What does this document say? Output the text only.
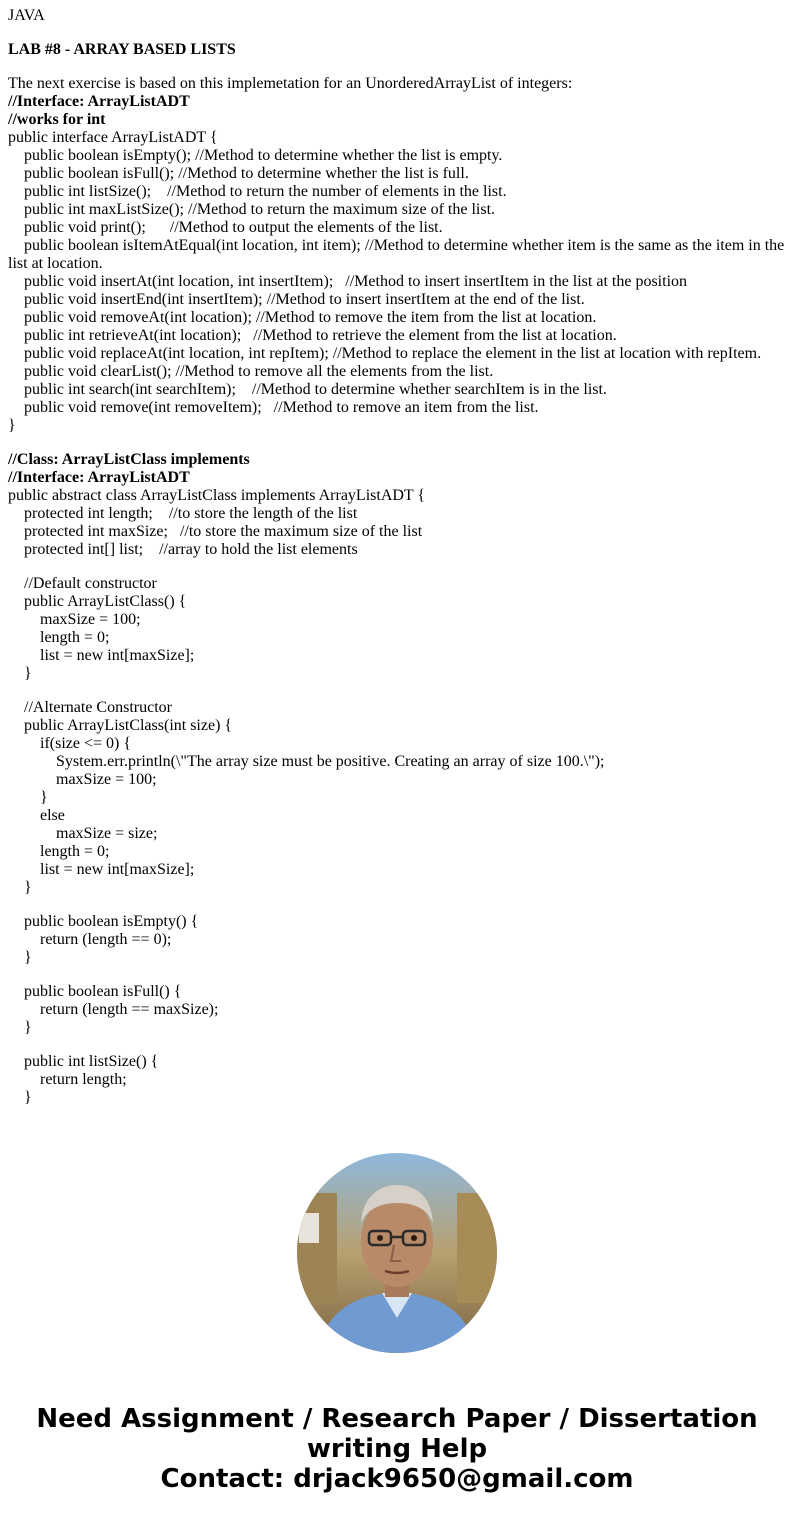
JAVA
LAB #8 - ARRAY BASED LISTS
The next exercise is based on this implemetation for an UnorderedArrayList of integers:
//Interface: ArrayListADT
//works for int
public interface ArrayListADT {
public boolean isEmpty(); //Method to determine whether the list is empty.
public boolean isFull(); //Method to determine whether the list is full.
public int listSize();    //Method to return the number of elements in the list.
public int maxListSize(); //Method to return the maximum size of the list.
public void print();      //Method to output the elements of the list.
public boolean isItemAtEqual(int location, int item); //Method to determine whether item is the same as the item in the list at location.
public void insertAt(int location, int insertItem);   //Method to insert insertItem in the list at the position
public void insertEnd(int insertItem); //Method to insert insertItem at the end of the list.
public void removeAt(int location); //Method to remove the item from the list at location.
public int retrieveAt(int location);   //Method to retrieve the element from the list at location.
public void replaceAt(int location, int repItem); //Method to replace the element in the list at location with repItem.
public void clearList(); //Method to remove all the elements from the list.
public int search(int searchItem);    //Method to determine whether searchItem is in the list.
public void remove(int removeItem);   //Method to remove an item from the list.
}
//Class: ArrayListClass implements
//Interface: ArrayListADT
public abstract class ArrayListClass implements ArrayListADT {
protected int length;    //to store the length of the list
protected int maxSize;   //to store the maximum size of the list
protected int[] list;    //array to hold the list elements
//Default constructor
public ArrayListClass() {
maxSize = 100;
length = 0;
list = new int[maxSize];
}
//Alternate Constructor
public ArrayListClass(int size) {
if(size <= 0) {
System.err.println(\"The array size must be positive. Creating an array of size 100.\");
maxSize = 100;
}
else
maxSize = size;
length = 0;
list = new int[maxSize];
}
public boolean isEmpty() {
return (length == 0);
}
public boolean isFull() {
return (length == maxSize);
}
public int listSize() {
return length;
}
Need Assignment / Research Paper / Dissertation
writing Help
Contact: drjack9650@gmail.com
